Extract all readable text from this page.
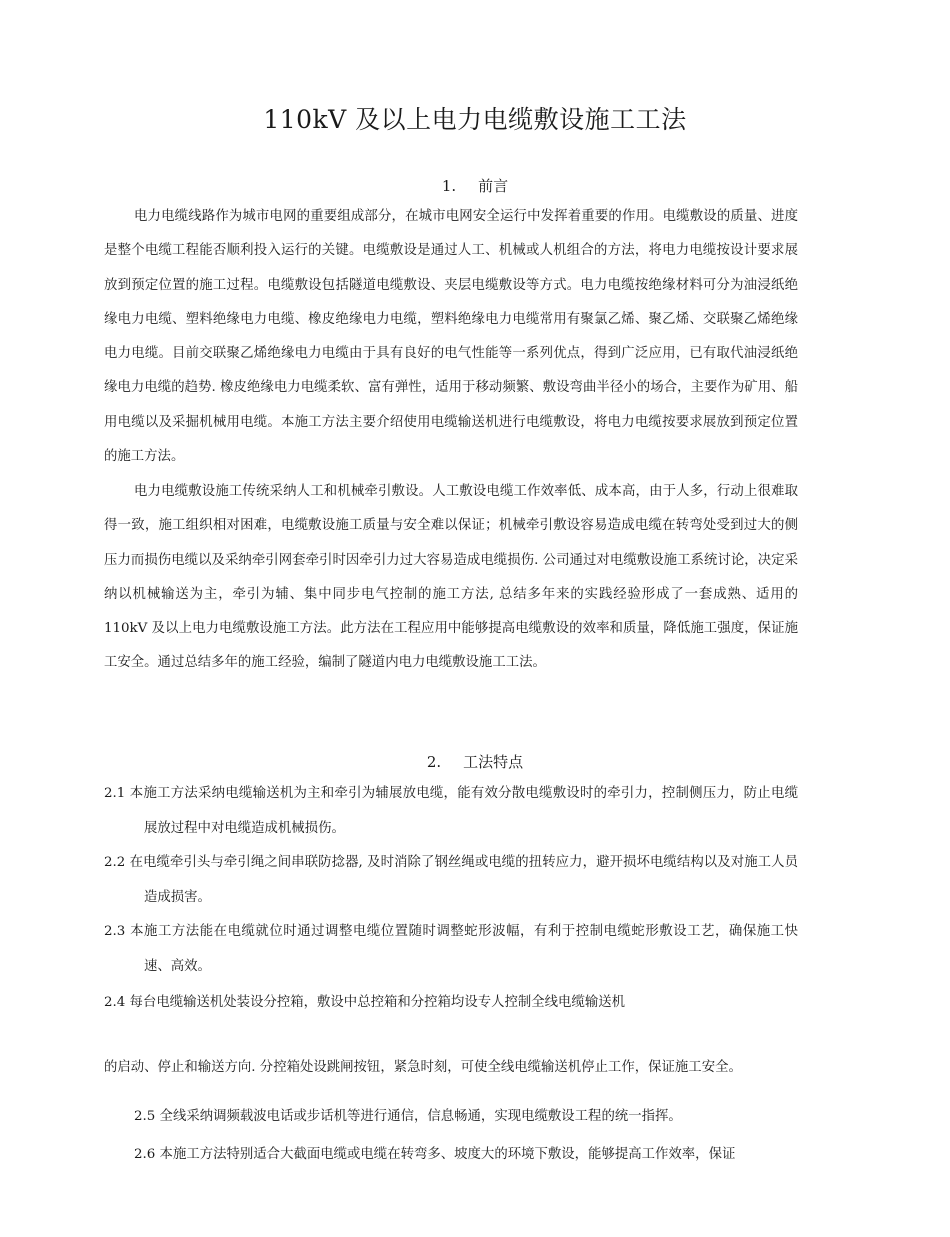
110kV 及以上电力电缆敷设施工工法
1. 前言

电力电缆线路作为城市电网的重要组成部分，在城市电网安全运行中发挥着重要的作用。电缆敷设的质量、进度是整个电缆工程能否顺利投入运行的关键。电缆敷设是通过人工、机械或人机组合的方法，将电力电缆按设计要求展放到预定位置的施工过程。电缆敷设包括隧道电缆敷设、夹层电缆敷设等方式。电力电缆按绝缘材料可分为油浸纸绝缘电力电缆、塑料绝缘电力电缆、橡皮绝缘电力电缆，塑料绝缘电力电缆常用有聚氯乙烯、聚乙烯、交联聚乙烯绝缘电力电缆。目前交联聚乙烯绝缘电力电缆由于具有良好的电气性能等一系列优点，得到广泛应用，已有取代油浸纸绝缘电力电缆的趋势. 橡皮绝缘电力电缆柔软、富有弹性，适用于移动频繁、敷设弯曲半径小的场合，主要作为矿用、船用电缆以及采掘机械用电缆。本施工方法主要介绍使用电缆输送机进行电缆敷设，将电力电缆按要求展放到预定位置的施工方法。

电力电缆敷设施工传统采纳人工和机械牵引敷设。人工敷设电缆工作效率低、成本高，由于人多，行动上很难取得一致，施工组织相对困难，电缆敷设施工质量与安全难以保证；机械牵引敷设容易造成电缆在转弯处受到过大的侧压力而损伤电缆以及采纳牵引网套牵引时因牵引力过大容易造成电缆损伤. 公司通过对电缆敷设施工系统讨论，决定采纳以机械输送为主，牵引为辅、集中同步电气控制的施工方法, 总结多年来的实践经验形成了一套成熟、适用的 110kV 及以上电力电缆敷设施工方法。此方法在工程应用中能够提高电缆敷设的效率和质量，降低施工强度，保证施工安全。通过总结多年的施工经验，编制了隧道内电力电缆敷设施工工法。

2. 工法特点

2.1 本施工方法采纳电缆输送机为主和牵引为辅展放电缆，能有效分散电缆敷设时的牵引力，控制侧压力，防止电缆展放过程中对电缆造成机械损伤。

2.2 在电缆牵引头与牵引绳之间串联防捻器, 及时消除了钢丝绳或电缆的扭转应力，避开损坏电缆结构以及对施工人员造成损害。

2.3 本施工方法能在电缆就位时通过调整电缆位置随时调整蛇形波幅，有利于控制电缆蛇形敷设工艺，确保施工快速、高效。

2.4 每台电缆输送机处装设分控箱，敷设中总控箱和分控箱均设专人控制全线电缆输送机

的启动、停止和输送方向. 分控箱处设跳闸按钮，紧急时刻，可使全线电缆输送机停止工作，保证施工安全。

2.5 全线采纳调频载波电话或步话机等进行通信，信息畅通，实现电缆敷设工程的统一指挥。

2.6 本施工方法特别适合大截面电缆或电缆在转弯多、坡度大的环境下敷设，能够提高工作效率，保证
